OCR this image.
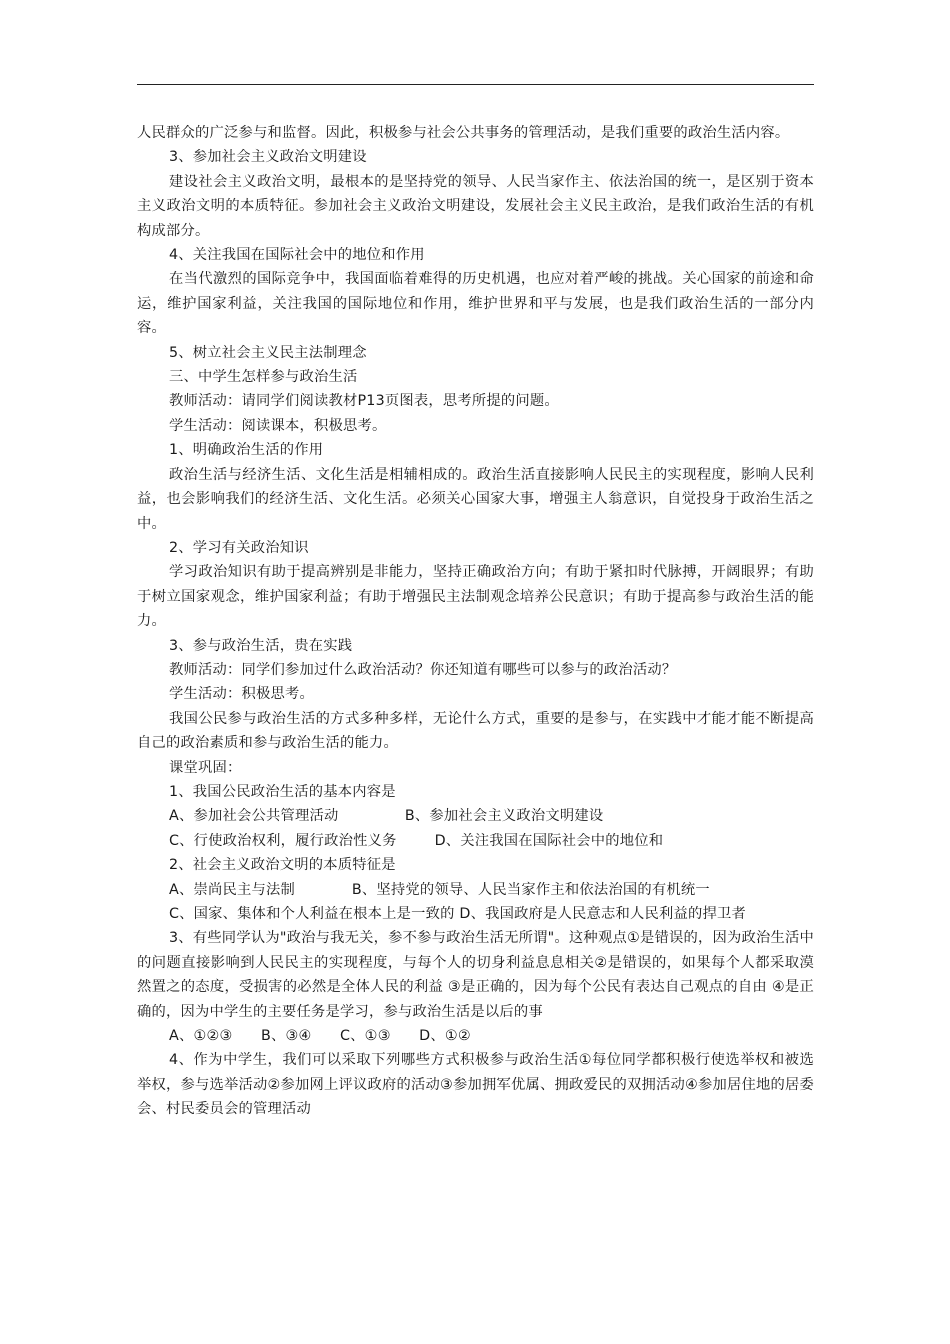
人民群众的广泛参与和监督。因此，积极参与社会公共事务的管理活动，是我们重要的政治生活内容。

3、参加社会主义政治文明建设

建设社会主义政治文明，最根本的是坚持党的领导、人民当家作主、依法治国的统一，是区别于资本主义政治文明的本质特征。参加社会主义政治文明建设，发展社会主义民主政治，是我们政治生活的有机构成部分。

4、关注我国在国际社会中的地位和作用

在当代激烈的国际竞争中，我国面临着难得的历史机遇，也应对着严峻的挑战。关心国家的前途和命运，维护国家利益，关注我国的国际地位和作用，维护世界和平与发展，也是我们政治生活的一部分内容。

5、树立社会主义民主法制理念

三、中学生怎样参与政治生活

教师活动：请同学们阅读教材P13页图表，思考所提的问题。

学生活动：阅读课本，积极思考。

1、明确政治生活的作用

政治生活与经济生活、文化生活是相辅相成的。政治生活直接影响人民民主的实现程度，影响人民利益，也会影响我们的经济生活、文化生活。必须关心国家大事，增强主人翁意识，自觉投身于政治生活之中。

2、学习有关政治知识

学习政治知识有助于提高辨别是非能力，坚持正确政治方向；有助于紧扣时代脉搏，开阔眼界；有助于树立国家观念，维护国家利益；有助于增强民主法制观念培养公民意识；有助于提高参与政治生活的能力。

3、参与政治生活，贵在实践

教师活动：同学们参加过什么政治活动？你还知道有哪些可以参与的政治活动？

学生活动：积极思考。

我国公民参与政治生活的方式多种多样，无论什么方式，重要的是参与，在实践中才能才能不断提高自己的政治素质和参与政治生活的能力。

课堂巩固：

1、我国公民政治生活的基本内容是

A、参加社会公共管理活动              B、参加社会主义政治文明建设

C、行使政治权利，履行政治性义务        D、关注我国在国际社会中的地位和

2、社会主义政治文明的本质特征是

A、崇尚民主与法制            B、坚持党的领导、人民当家作主和依法治国的有机统一

C、国家、集体和个人利益在根本上是一致的 D、我国政府是人民意志和人民利益的捍卫者

3、有些同学认为"政治与我无关，参不参与政治生活无所谓"。这种观点①是错误的，因为政治生活中的问题直接影响到人民民主的实现程度，与每个人的切身利益息息相关②是错误的，如果每个人都采取漠然置之的态度，受损害的必然是全体人民的利益 ③是正确的，因为每个公民有表达自己观点的自由 ④是正确的，因为中学生的主要任务是学习，参与政治生活是以后的事

A、①②③      B、③④      C、①③      D、①②

4、作为中学生，我们可以采取下列哪些方式积极参与政治生活①每位同学都积极行使选举权和被选举权，参与选举活动②参加网上评议政府的活动③参加拥军优属、拥政爱民的双拥活动④参加居住地的居委会、村民委员会的管理活动
